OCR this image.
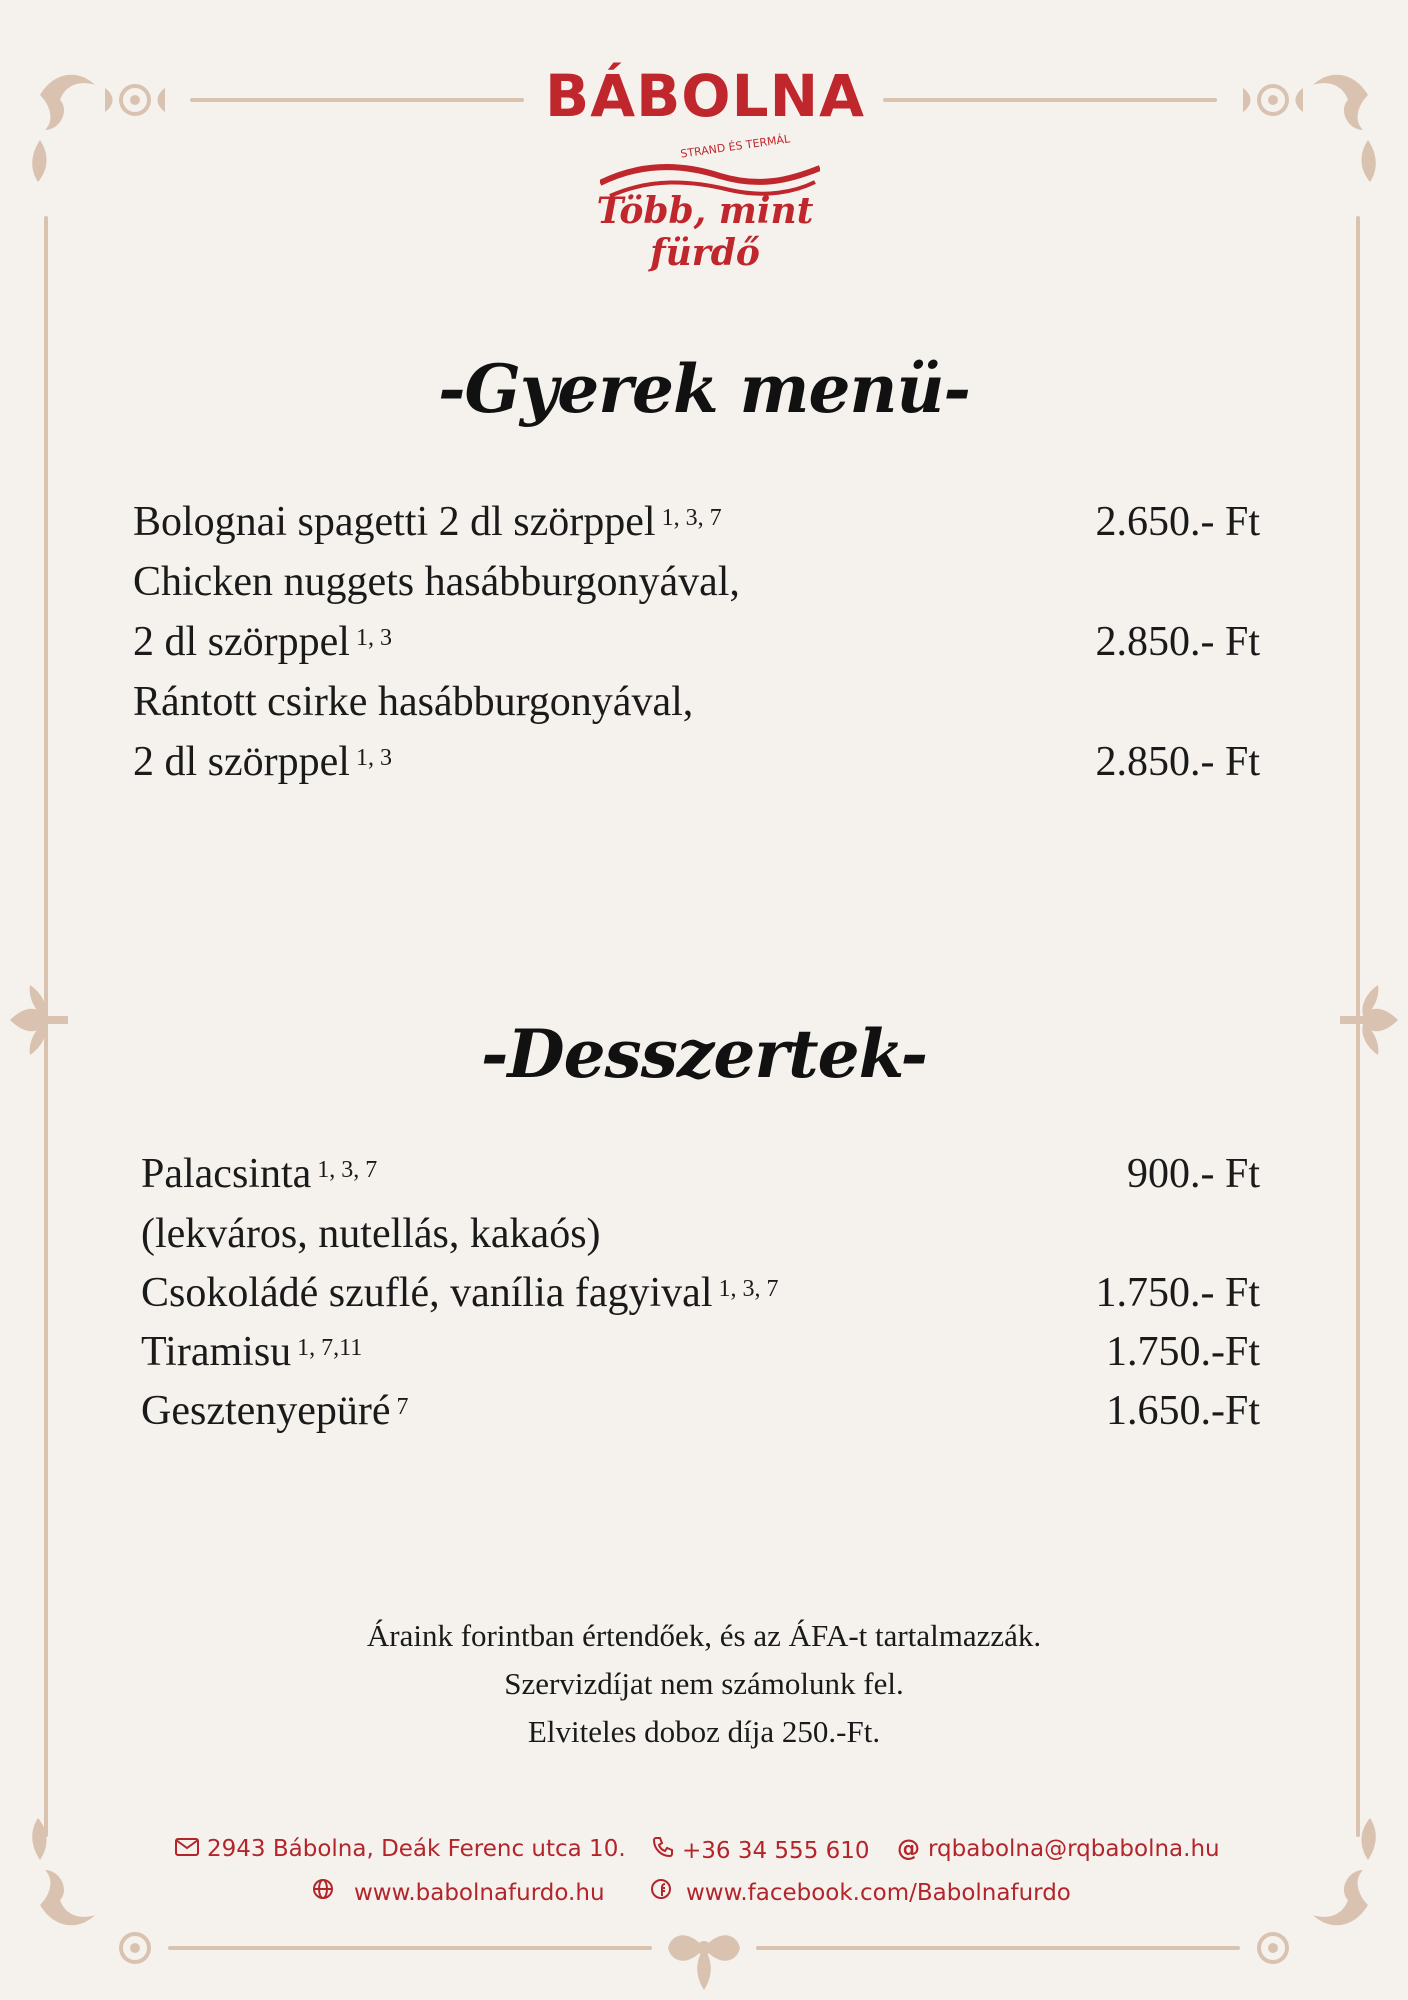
BÁBOLNA
STRAND ÉS TERMÁL
Több, mint fürdő
-Gyerek menü-
Bolognai spagetti 2 dl szörppel $^{1, 3, 7}$	2.650.- Ft
Chicken nuggets hasábburgonyával,
2 dl szörppel $^{1, 3}$	2.850.- Ft
Rántott csirke hasábburgonyával,
2 dl szörppel $^{1, 3}$	2.850.- Ft
-Desszertek-
Palacsinta $^{1, 3, 7}$	900.- Ft
(lekváros, nutellás, kakaós)
Csokoládé szuflé, vanília fagyival $^{1, 3, 7}$	1.750.- Ft
Tiramisu $^{1, 7,11}$	1.750.-Ft
Gesztenyepüré $^7$	1.650.-Ft
Áraink forintban értendőek, és az ÁFA-t tartalmazzák.
Szervizdíjat nem számolunk fel.
Elviteles doboz díja 250.-Ft.
2943 Bábolna, Deák Ferenc utca 10.	+36 34 555 610 @ rqbabolna@rqbabolna.hu
www.babolnafurdo.hu	www.facebook.com/Babolnafurdo
